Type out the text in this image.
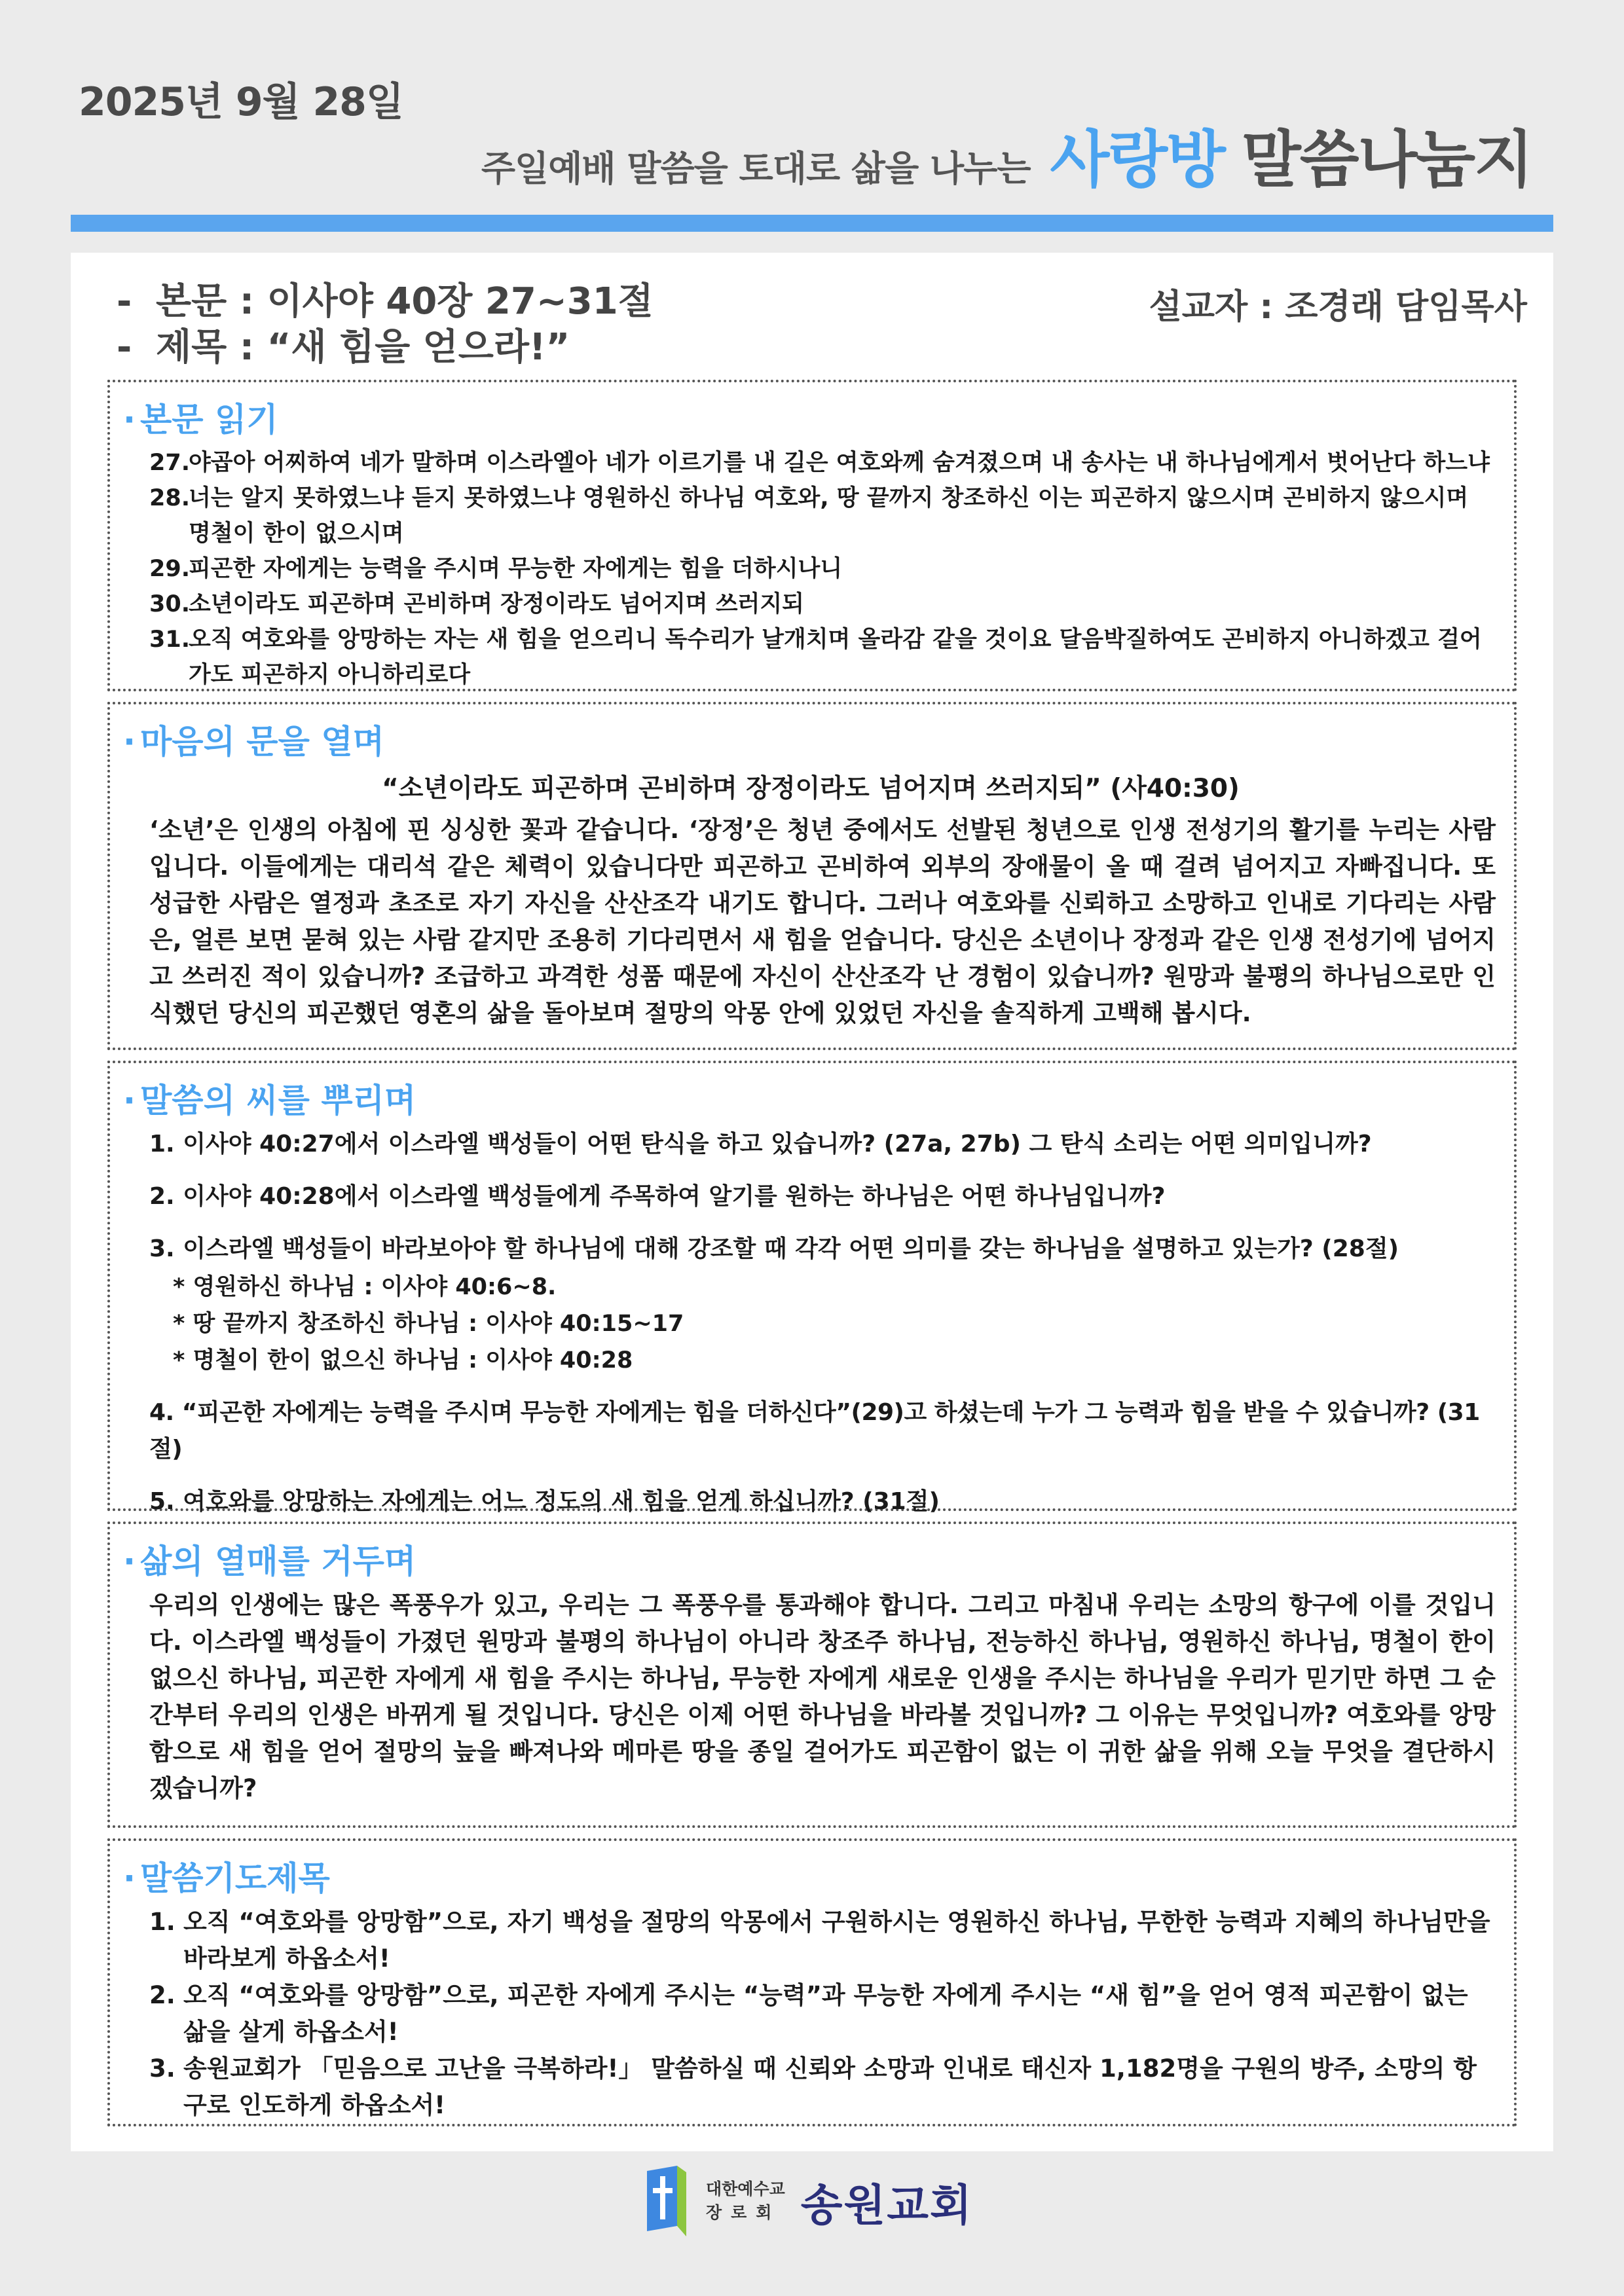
2025년 9월 28일
주일예배 말씀을 토대로 삶을 나누는 사랑방 말씀나눔지
- 본문 : 이사야 40장 27~31절
- 제목 : “새 힘을 얻으라!”
설교자 : 조경래 담임목사
· 본문 읽기
27.
야곱아 어찌하여 네가 말하며 이스라엘아 네가 이르기를 내 길은 여호와께 숨겨졌으며 내 송사는 내 하나님에게서 벗어난다 하느냐
28.
너는 알지 못하였느냐 듣지 못하였느냐 영원하신 하나님 여호와, 땅 끝까지 창조하신 이는 피곤하지 않으시며 곤비하지 않으시며 명철이 한이 없으시며
29.
피곤한 자에게는 능력을 주시며 무능한 자에게는 힘을 더하시나니
30.
소년이라도 피곤하며 곤비하며 장정이라도 넘어지며 쓰러지되
31.
오직 여호와를 앙망하는 자는 새 힘을 얻으리니 독수리가 날개치며 올라감 같을 것이요 달음박질하여도 곤비하지 아니하겠고 걸어가도 피곤하지 아니하리로다
· 마음의 문을 열며
“소년이라도 피곤하며 곤비하며 장정이라도 넘어지며 쓰러지되” (사40:30)
‘소년’은 인생의 아침에 핀 싱싱한 꽃과 같습니다. ‘장정’은 청년 중에서도 선발된 청년으로 인생 전성기의 활기를 누리는 사람입니다. 이들에게는 대리석 같은 체력이 있습니다만 피곤하고 곤비하여 외부의 장애물이 올 때 걸려 넘어지고 자빠집니다. 또 성급한 사람은 열정과 초조로 자기 자신을 산산조각 내기도 합니다. 그러나 여호와를 신뢰하고 소망하고 인내로 기다리는 사람은, 얼른 보면 묻혀 있는 사람 같지만 조용히 기다리면서 새 힘을 얻습니다. 당신은 소년이나 장정과 같은 인생 전성기에 넘어지고 쓰러진 적이 있습니까? 조급하고 과격한 성품 때문에 자신이 산산조각 난 경험이 있습니까? 원망과 불평의 하나님으로만 인식했던 당신의 피곤했던 영혼의 삶을 돌아보며 절망의 악몽 안에 있었던 자신을 솔직하게 고백해 봅시다.
· 말씀의 씨를 뿌리며
1. 이사야 40:27에서 이스라엘 백성들이 어떤 탄식을 하고 있습니까? (27a, 27b) 그 탄식 소리는 어떤 의미입니까?
2. 이사야 40:28에서 이스라엘 백성들에게 주목하여 알기를 원하는 하나님은 어떤 하나님입니까?
3. 이스라엘 백성들이 바라보아야 할 하나님에 대해 강조할 때 각각 어떤 의미를 갖는 하나님을 설명하고 있는가? (28절)
* 영원하신 하나님 : 이사야 40:6~8.
* 땅 끝까지 창조하신 하나님 : 이사야 40:15~17
* 명철이 한이 없으신 하나님 : 이사야 40:28
4. “피곤한 자에게는 능력을 주시며 무능한 자에게는 힘을 더하신다”(29)고 하셨는데 누가 그 능력과 힘을 받을 수 있습니까? (31절)
5. 여호와를 앙망하는 자에게는 어느 정도의 새 힘을 얻게 하십니까? (31절)
· 삶의 열매를 거두며
우리의 인생에는 많은 폭풍우가 있고, 우리는 그 폭풍우를 통과해야 합니다. 그리고 마침내 우리는 소망의 항구에 이를 것입니다. 이스라엘 백성들이 가졌던 원망과 불평의 하나님이 아니라 창조주 하나님, 전능하신 하나님, 영원하신 하나님, 명철이 한이 없으신 하나님, 피곤한 자에게 새 힘을 주시는 하나님, 무능한 자에게 새로운 인생을 주시는 하나님을 우리가 믿기만 하면 그 순간부터 우리의 인생은 바뀌게 될 것입니다. 당신은 이제 어떤 하나님을 바라볼 것입니까? 그 이유는 무엇입니까? 여호와를 앙망함으로 새 힘을 얻어 절망의 늪을 빠져나와 메마른 땅을 종일 걸어가도 피곤함이 없는 이 귀한 삶을 위해 오늘 무엇을 결단하시겠습니까?
· 말씀기도제목
1. 오직 “여호와를 앙망함”으로, 자기 백성을 절망의 악몽에서 구원하시는 영원하신 하나님, 무한한 능력과 지혜의 하나님만을 바라보게 하옵소서!
2. 오직 “여호와를 앙망함”으로, 피곤한 자에게 주시는 “능력”과 무능한 자에게 주시는 “새 힘”을 얻어 영적 피곤함이 없는 삶을 살게 하옵소서!
3. 송원교회가 「믿음으로 고난을 극복하라!」 말씀하실 때 신뢰와 소망과 인내로 태신자 1,182명을 구원의 방주, 소망의 항구로 인도하게 하옵소서!
대한예수교
장로회 송원교회
